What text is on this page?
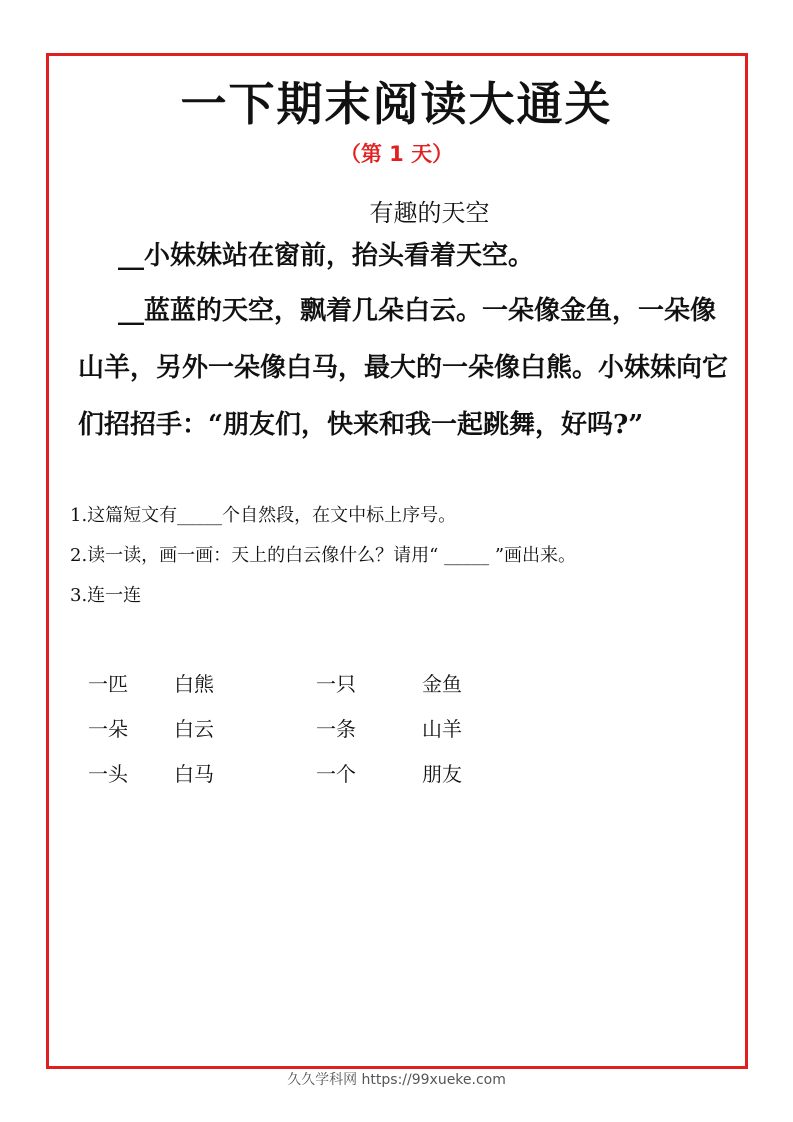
一下期末阅读大通关
（第 1 天）
有趣的天空
__小妹妹站在窗前，抬头看着天空。
__蓝蓝的天空，飘着几朵白云。一朵像金鱼，一朵像山羊，另外一朵像白马，最大的一朵像白熊。小妹妹向它们招招手：“朋友们，快来和我一起跳舞，好吗?”
1.这篇短文有_____个自然段，在文中标上序号。
2.读一读，画一画：天上的白云像什么？请用“ _____ ”画出来。
3.连一连
一匹 白熊	一只	金鱼
一朵 白云	一条	山羊
一头 白马	一个	朋友
久久学科网 https://99xueke.com
